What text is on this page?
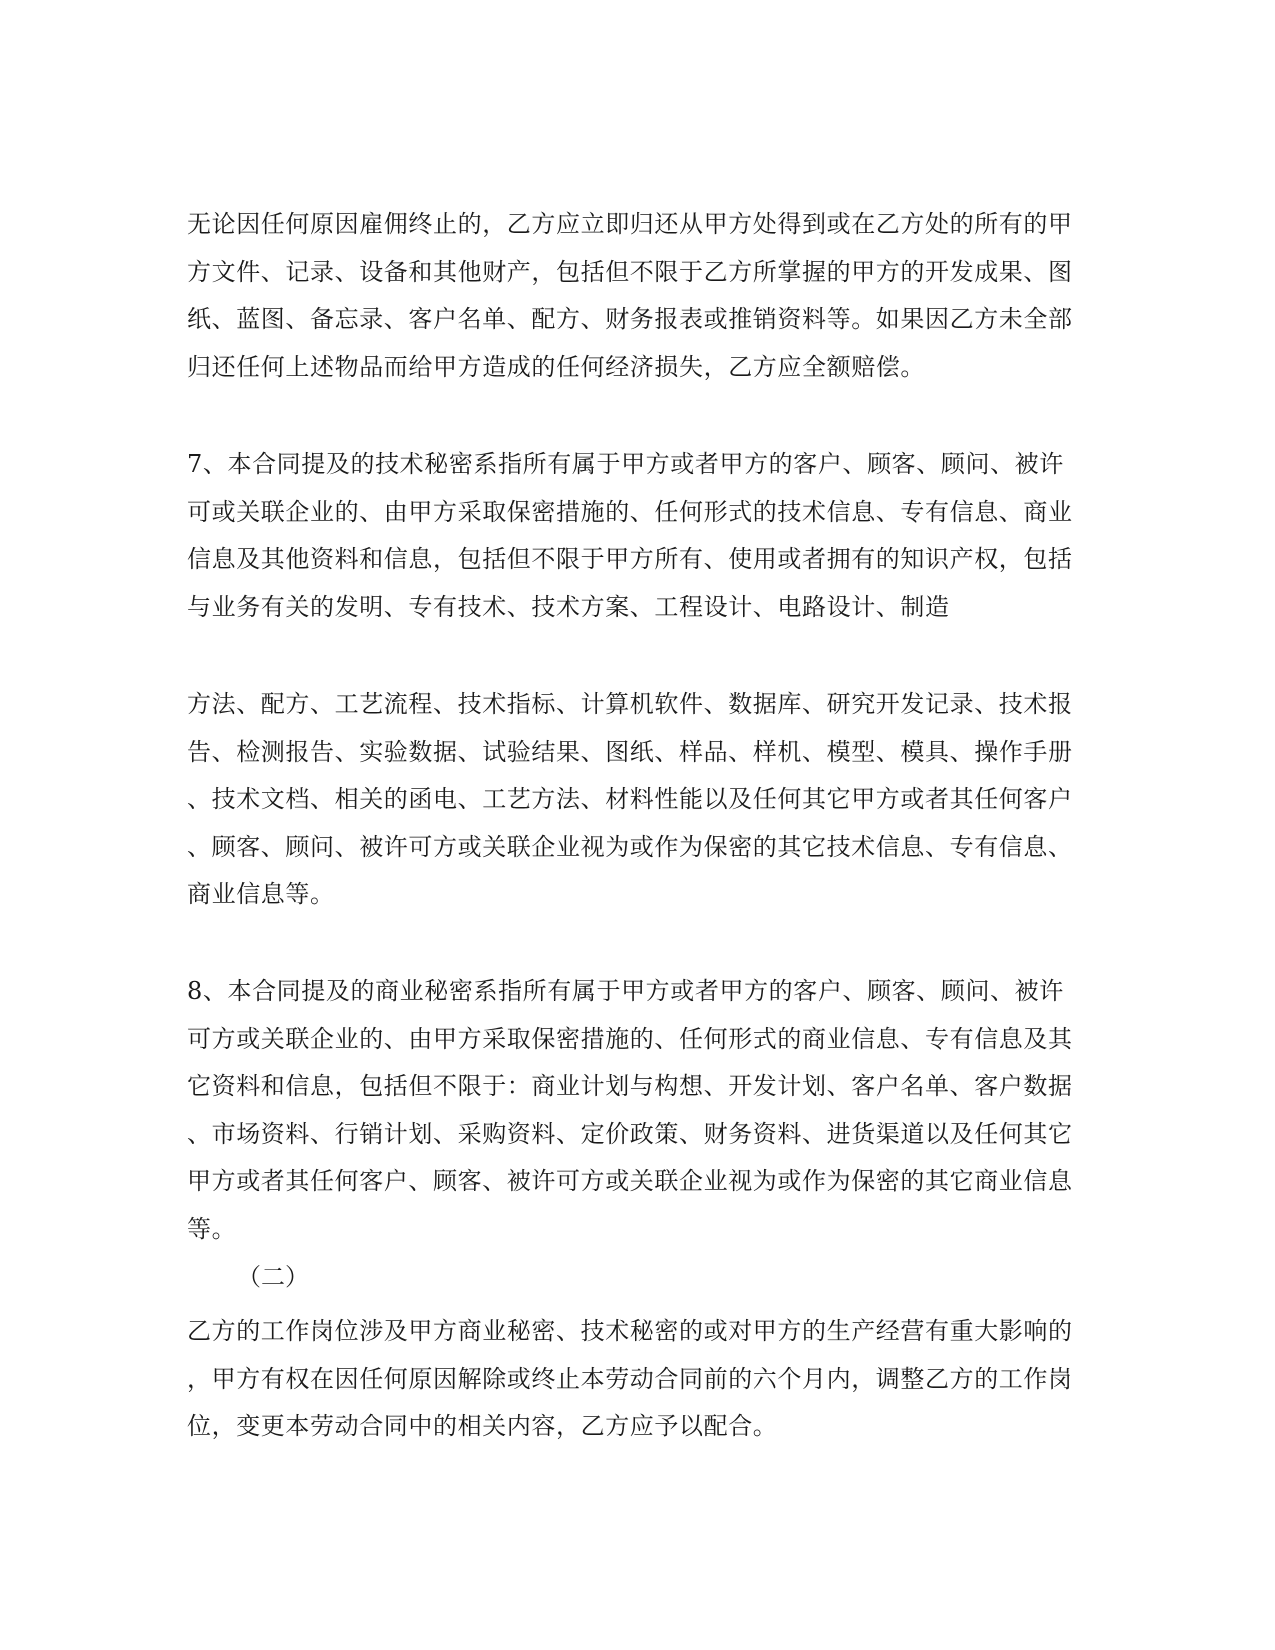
无论因任何原因雇佣终止的，乙方应立即归还从甲方处得到或在乙方处的所有的甲
方文件、记录、设备和其他财产，包括但不限于乙方所掌握的甲方的开发成果、图
纸、蓝图、备忘录、客户名单、配方、财务报表或推销资料等。如果因乙方未全部
归还任何上述物品而给甲方造成的任何经济损失，乙方应全额赔偿。
7、本合同提及的技术秘密系指所有属于甲方或者甲方的客户、顾客、顾问、被许
可或关联企业的、由甲方采取保密措施的、任何形式的技术信息、专有信息、商业
信息及其他资料和信息，包括但不限于甲方所有、使用或者拥有的知识产权，包括
与业务有关的发明、专有技术、技术方案、工程设计、电路设计、制造
方法、配方、工艺流程、技术指标、计算机软件、数据库、研究开发记录、技术报
告、检测报告、实验数据、试验结果、图纸、样品、样机、模型、模具、操作手册
、技术文档、相关的函电、工艺方法、材料性能以及任何其它甲方或者其任何客户
、顾客、顾问、被许可方或关联企业视为或作为保密的其它技术信息、专有信息、
商业信息等。
8、本合同提及的商业秘密系指所有属于甲方或者甲方的客户、顾客、顾问、被许
可方或关联企业的、由甲方采取保密措施的、任何形式的商业信息、专有信息及其
它资料和信息，包括但不限于：商业计划与构想、开发计划、客户名单、客户数据
、市场资料、行销计划、采购资料、定价政策、财务资料、进货渠道以及任何其它
甲方或者其任何客户、顾客、被许可方或关联企业视为或作为保密的其它商业信息
等。
（二）
乙方的工作岗位涉及甲方商业秘密、技术秘密的或对甲方的生产经营有重大影响的
，甲方有权在因任何原因解除或终止本劳动合同前的六个月内，调整乙方的工作岗
位，变更本劳动合同中的相关内容，乙方应予以配合。
